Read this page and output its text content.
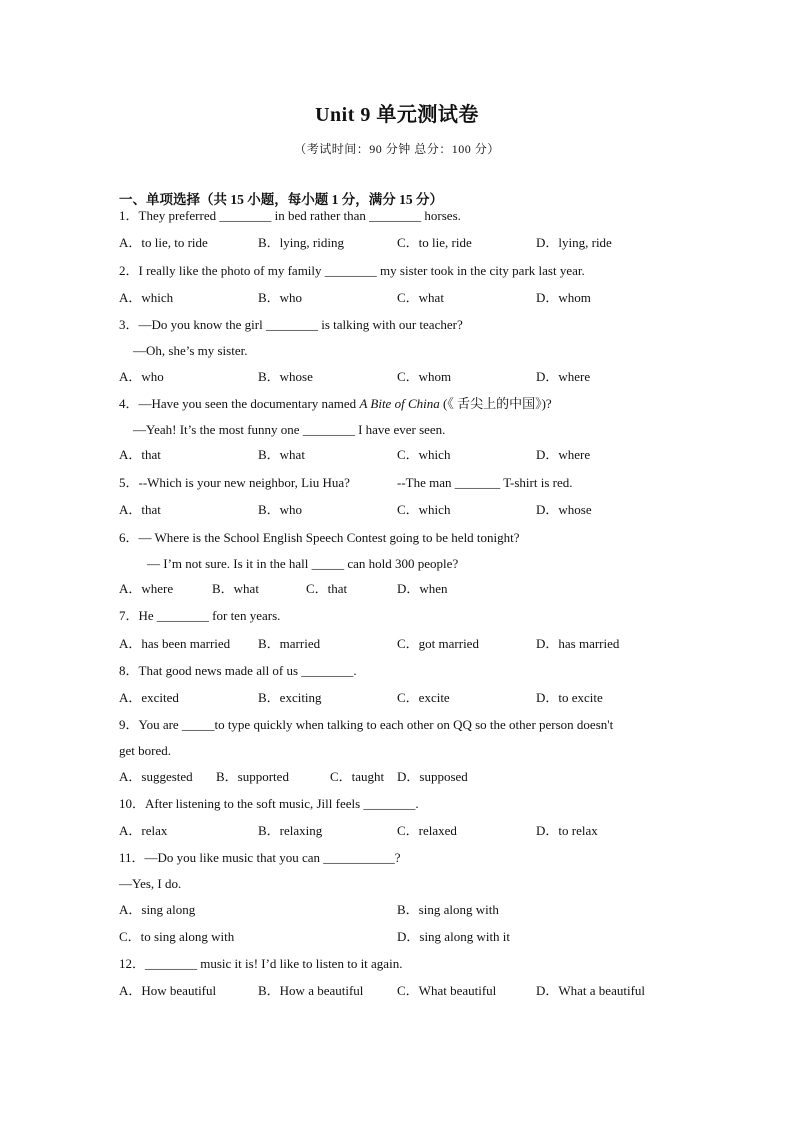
Unit 9 单元测试卷
（考试时间：90 分钟 总分：100 分）
一、单项选择（共 15 小题，每小题 1 分，满分 15 分）
1．They preferred ________ in bed rather than ________ horses.
A．to lie, to ride	B．lying, riding	C．to lie, ride	D．lying, ride
2．I really like the photo of my family ________ my sister took in the city park last year.
A．which	B．who	C．what	D．whom
3．—Do you know the girl ________ is talking with our teacher?
—Oh, she’s my sister.
A．who	B．whose	C．whom	D．where
4．—Have you seen the documentary named A Bite of China (《 舌尖上的中国》)?
—Yeah! It’s the most funny one ________ I have ever seen.
A．that	B．what	C．which	D．where
5．--Which is your new neighbor, Liu Hua?	--The man _______ T-shirt is red.
A．that	B．who	C．which	D．whose
6．— Where is the School English Speech Contest going to be held tonight?
— I’m not sure. Is it in the hall _____ can hold 300 people?
A．where	B．what	C．that	D．when
7．He ________ for ten years.
A．has been married B．married	C．got married	D．has married
8．That good news made all of us ________.
A．excited	B．exciting	C．excite	D．to excite
9．You are _____to type quickly when talking to each other on QQ so the other person doesn't
get bored.
A．suggested B．supported	C．taught D．supposed
10．After listening to the soft music, Jill feels ________.
A．relax	B．relaxing	C．relaxed	D．to relax
11．—Do you like music that you can ___________?
—Yes, I do.
A．sing along	B．sing along with
C．to sing along with	D．sing along with it
12．________ music it is! I’d like to listen to it again.
A．How beautiful	B．How a beautiful	C．What beautiful	D．What a beautiful
